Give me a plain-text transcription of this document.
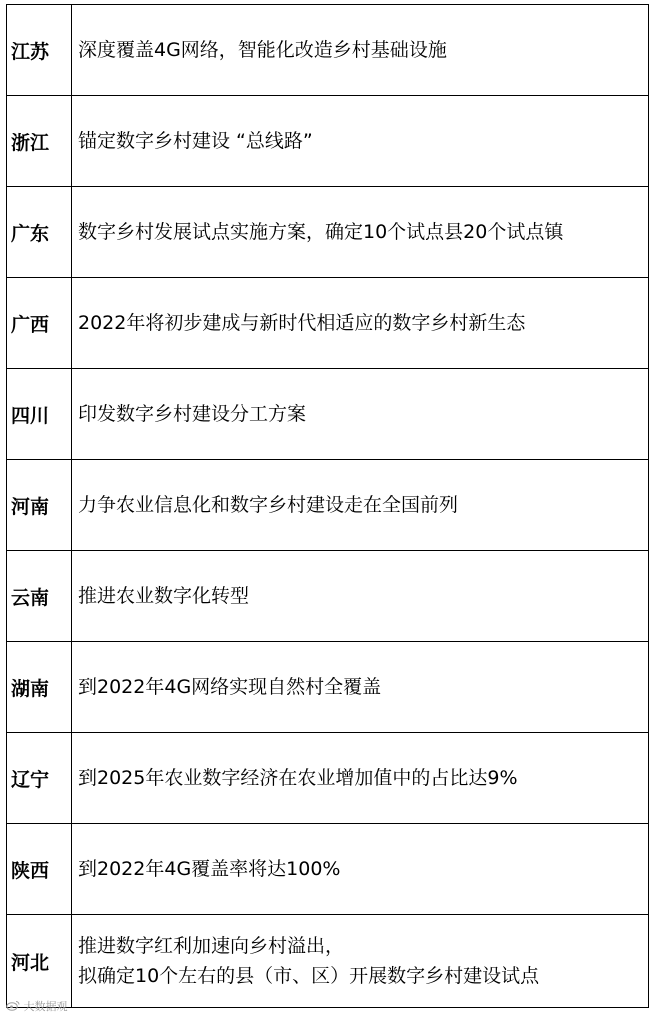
江苏	深度覆盖4G网络，智能化改造乡村基础设施

浙江	锚定数字乡村建设 “总线路”

广东	数字乡村发展试点实施方案，确定10个试点县20个试点镇

广西	2022年将初步建成与新时代相适应的数字乡村新生态

四川	印发数字乡村建设分工方案

河南	力争农业信息化和数字乡村建设走在全国前列

云南	推进农业数字化转型

湖南	到2022年4G网络实现自然村全覆盖

辽宁	到2025年农业数字经济在农业增加值中的占比达9%

陕西	到2022年4G覆盖率将达100%

河北	推进数字红利加速向乡村溢出，
拟确定10个左右的县（市、区）开展数字乡村建设试点
大数据观
